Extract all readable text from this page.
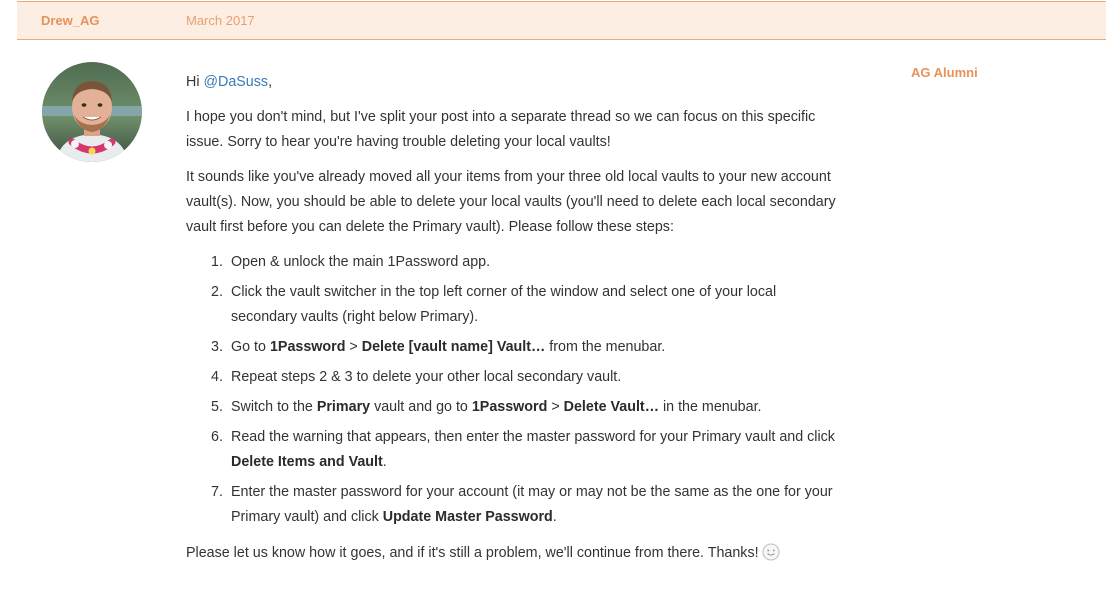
Drew_AG	March 2017
AG Alumni

Hi @DaSuss,

I hope you don't mind, but I've split your post into a separate thread so we can focus on this specific issue. Sorry to hear you're having trouble deleting your local vaults!

It sounds like you've already moved all your items from your three old local vaults to your new account vault(s). Now, you should be able to delete your local vaults (you'll need to delete each local secondary vault first before you can delete the Primary vault). Please follow these steps:

1. Open & unlock the main 1Password app.
2. Click the vault switcher in the top left corner of the window and select one of your local secondary vaults (right below Primary).
3. Go to 1Password > Delete [vault name] Vault… from the menubar.
4. Repeat steps 2 & 3 to delete your other local secondary vault.
5. Switch to the Primary vault and go to 1Password > Delete Vault… in the menubar.
6. Read the warning that appears, then enter the master password for your Primary vault and click Delete Items and Vault.
7. Enter the master password for your account (it may or may not be the same as the one for your Primary vault) and click Update Master Password.

Please let us know how it goes, and if it's still a problem, we'll continue from there. Thanks!
